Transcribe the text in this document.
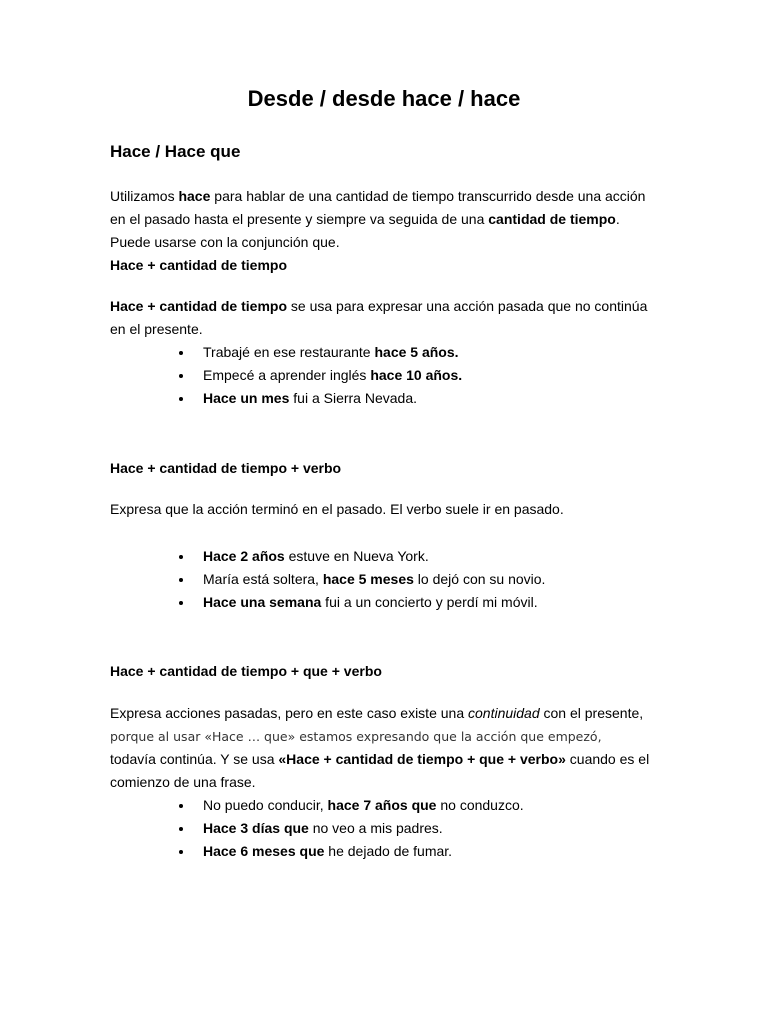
Desde / desde hace / hace
Hace / Hace que
Utilizamos hace para hablar de una cantidad de tiempo transcurrido desde una acción
en el pasado hasta el presente y siempre va seguida de una cantidad de tiempo.
Puede usarse con la conjunción que.
Hace + cantidad de tiempo
Hace + cantidad de tiempo se usa para expresar una acción pasada que no continúa
en el presente.
Trabajé en ese restaurante hace 5 años.
Empecé a aprender inglés hace 10 años.
Hace un mes fui a Sierra Nevada.
Hace + cantidad de tiempo + verbo
Expresa que la acción terminó en el pasado. El verbo suele ir en pasado.
Hace 2 años estuve en Nueva York.
María está soltera, hace 5 meses lo dejó con su novio.
Hace una semana fui a un concierto y perdí mi móvil.
Hace + cantidad de tiempo + que + verbo
Expresa acciones pasadas, pero en este caso existe una continuidad con el presente,
porque al usar «Hace … que» estamos expresando que la acción que empezó,
todavía continúa. Y se usa «Hace + cantidad de tiempo + que + verbo» cuando es el
comienzo de una frase.
No puedo conducir, hace 7 años que no conduzco.
Hace 3 días que no veo a mis padres.
Hace 6 meses que he dejado de fumar.
